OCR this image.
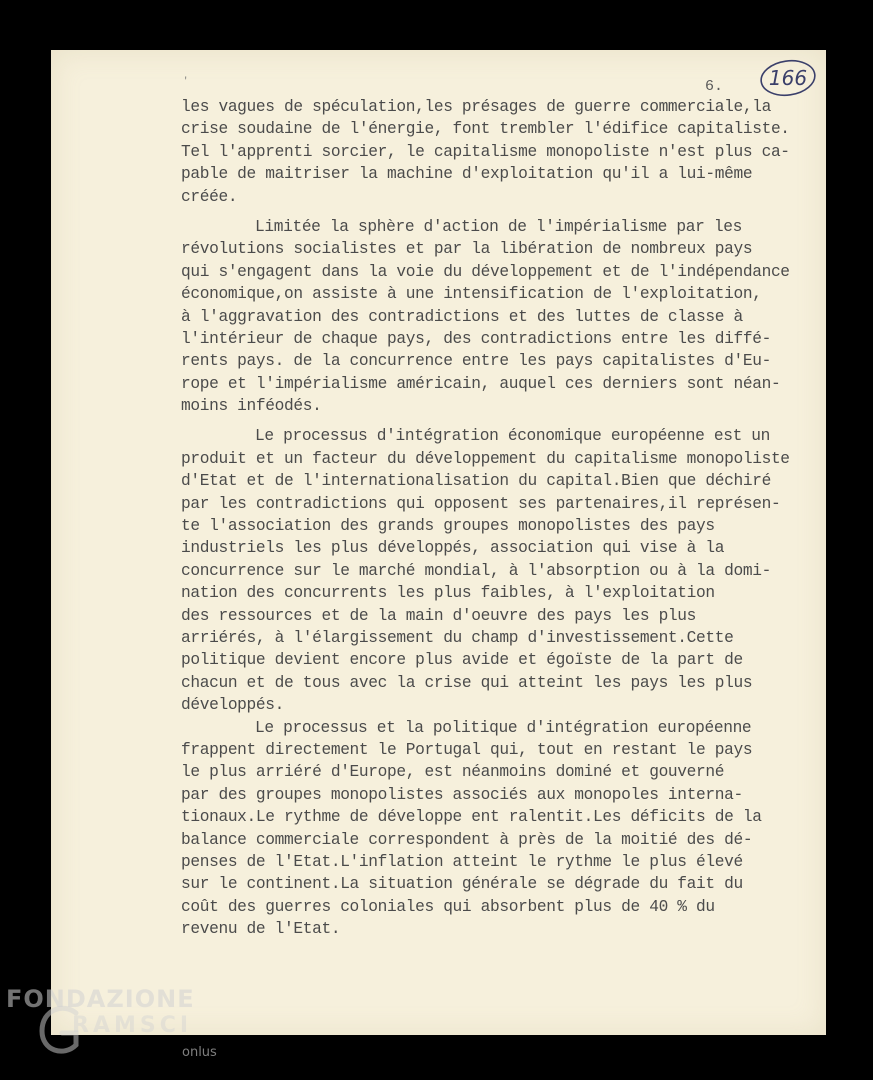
'	6.	166
les vagues de spéculation,les présages de guerre commerciale,la
crise soudaine de l'énergie, font trembler l'édifice capitaliste.
Tel l'apprenti sorcier, le capitalisme monopoliste n'est plus ca-
pable de maitriser la machine d'exploitation qu'il a lui-même
créée.
Limitée la sphère d'action de l'impérialisme par les
révolutions socialistes et par la libération de nombreux pays
qui s'engagent dans la voie du développement et de l'indépendance
économique,on assiste à une intensification de l'exploitation,
à l'aggravation des contradictions et des luttes de classe à
l'intérieur de chaque pays, des contradictions entre les diffé-
rents pays. de la concurrence entre les pays capitalistes d'Eu-
rope et l'impérialisme américain, auquel ces derniers sont néan-
moins inféodés.
Le processus d'intégration économique européenne est un
produit et un facteur du développement du capitalisme monopoliste
d'Etat et de l'internationalisation du capital.Bien que déchiré
par les contradictions qui opposent ses partenaires,il représen-
te l'association des grands groupes monopolistes des pays
industriels les plus développés, association qui vise à la
concurrence sur le marché mondial, à l'absorption ou à la domi-
nation des concurrents les plus faibles, à l'exploitation
des ressources et de la main d'oeuvre des pays les plus
arriérés, à l'élargissement du champ d'investissement.Cette
politique devient encore plus avide et égoïste de la part de
chacun et de tous avec la crise qui atteint les pays les plus
développés.
Le processus et la politique d'intégration européenne
frappent directement le Portugal qui, tout en restant le pays
le plus arriéré d'Europe, est néanmoins dominé et gouverné
par des groupes monopolistes associés aux monopoles interna-
tionaux.Le rythme de développe ent ralentit.Les déficits de la
balance commerciale correspondent à près de la moitié des dé-
penses de l'Etat.L'inflation atteint le rythme le plus élevé
sur le continent.La situation générale se dégrade du fait du
coût des guerres coloniales qui absorbent plus de 40 % du
revenu de l'Etat.
FONDAZIONE
RAMSCI
onlus
